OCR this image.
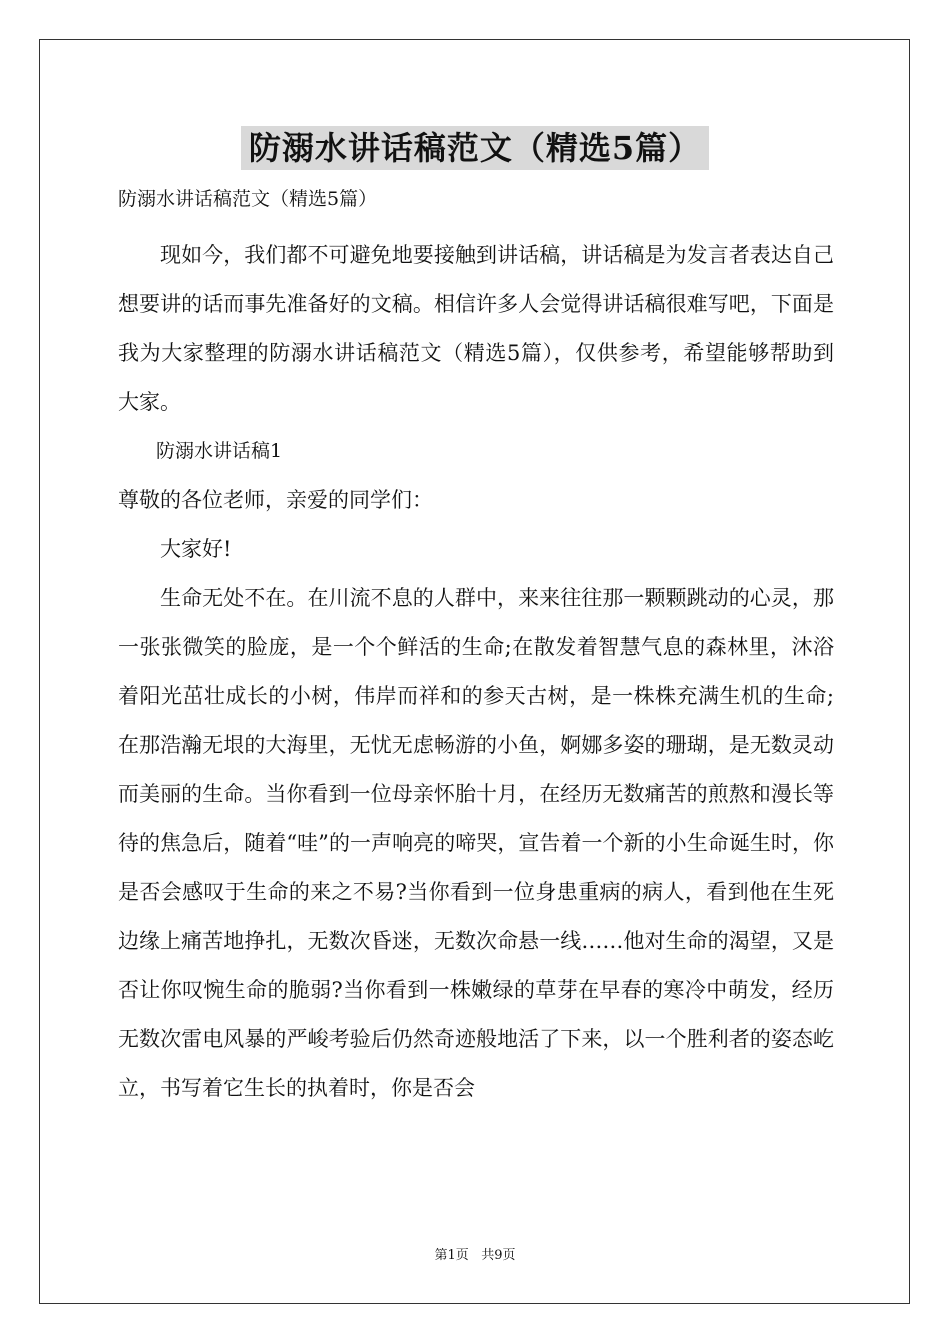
防溺水讲话稿范文（精选5篇）
防溺水讲话稿范文（精选5篇）

现如今，我们都不可避免地要接触到讲话稿，讲话稿是为发言者表达自己想要讲的话而事先准备好的文稿。相信许多人会觉得讲话稿很难写吧，下面是我为大家整理的防溺水讲话稿范文（精选5篇），仅供参考，希望能够帮助到大家。

防溺水讲话稿1

尊敬的各位老师，亲爱的同学们：

大家好!

生命无处不在。在川流不息的人群中，来来往往那一颗颗跳动的心灵，那一张张微笑的脸庞，是一个个鲜活的生命;在散发着智慧气息的森林里，沐浴着阳光茁壮成长的小树，伟岸而祥和的参天古树，是一株株充满生机的生命;在那浩瀚无垠的大海里，无忧无虑畅游的小鱼，婀娜多姿的珊瑚，是无数灵动而美丽的生命。当你看到一位母亲怀胎十月，在经历无数痛苦的煎熬和漫长等待的焦急后，随着“哇”的一声响亮的啼哭，宣告着一个新的小生命诞生时，你是否会感叹于生命的来之不易?当你看到一位身患重病的病人，看到他在生死边缘上痛苦地挣扎，无数次昏迷，无数次命悬一线……他对生命的渴望，又是否让你叹惋生命的脆弱?当你看到一株嫩绿的草芽在早春的寒冷中萌发，经历无数次雷电风暴的严峻考验后仍然奇迹般地活了下来，以一个胜利者的姿态屹立，书写着它生长的执着时，你是否会

第1页 共9页
